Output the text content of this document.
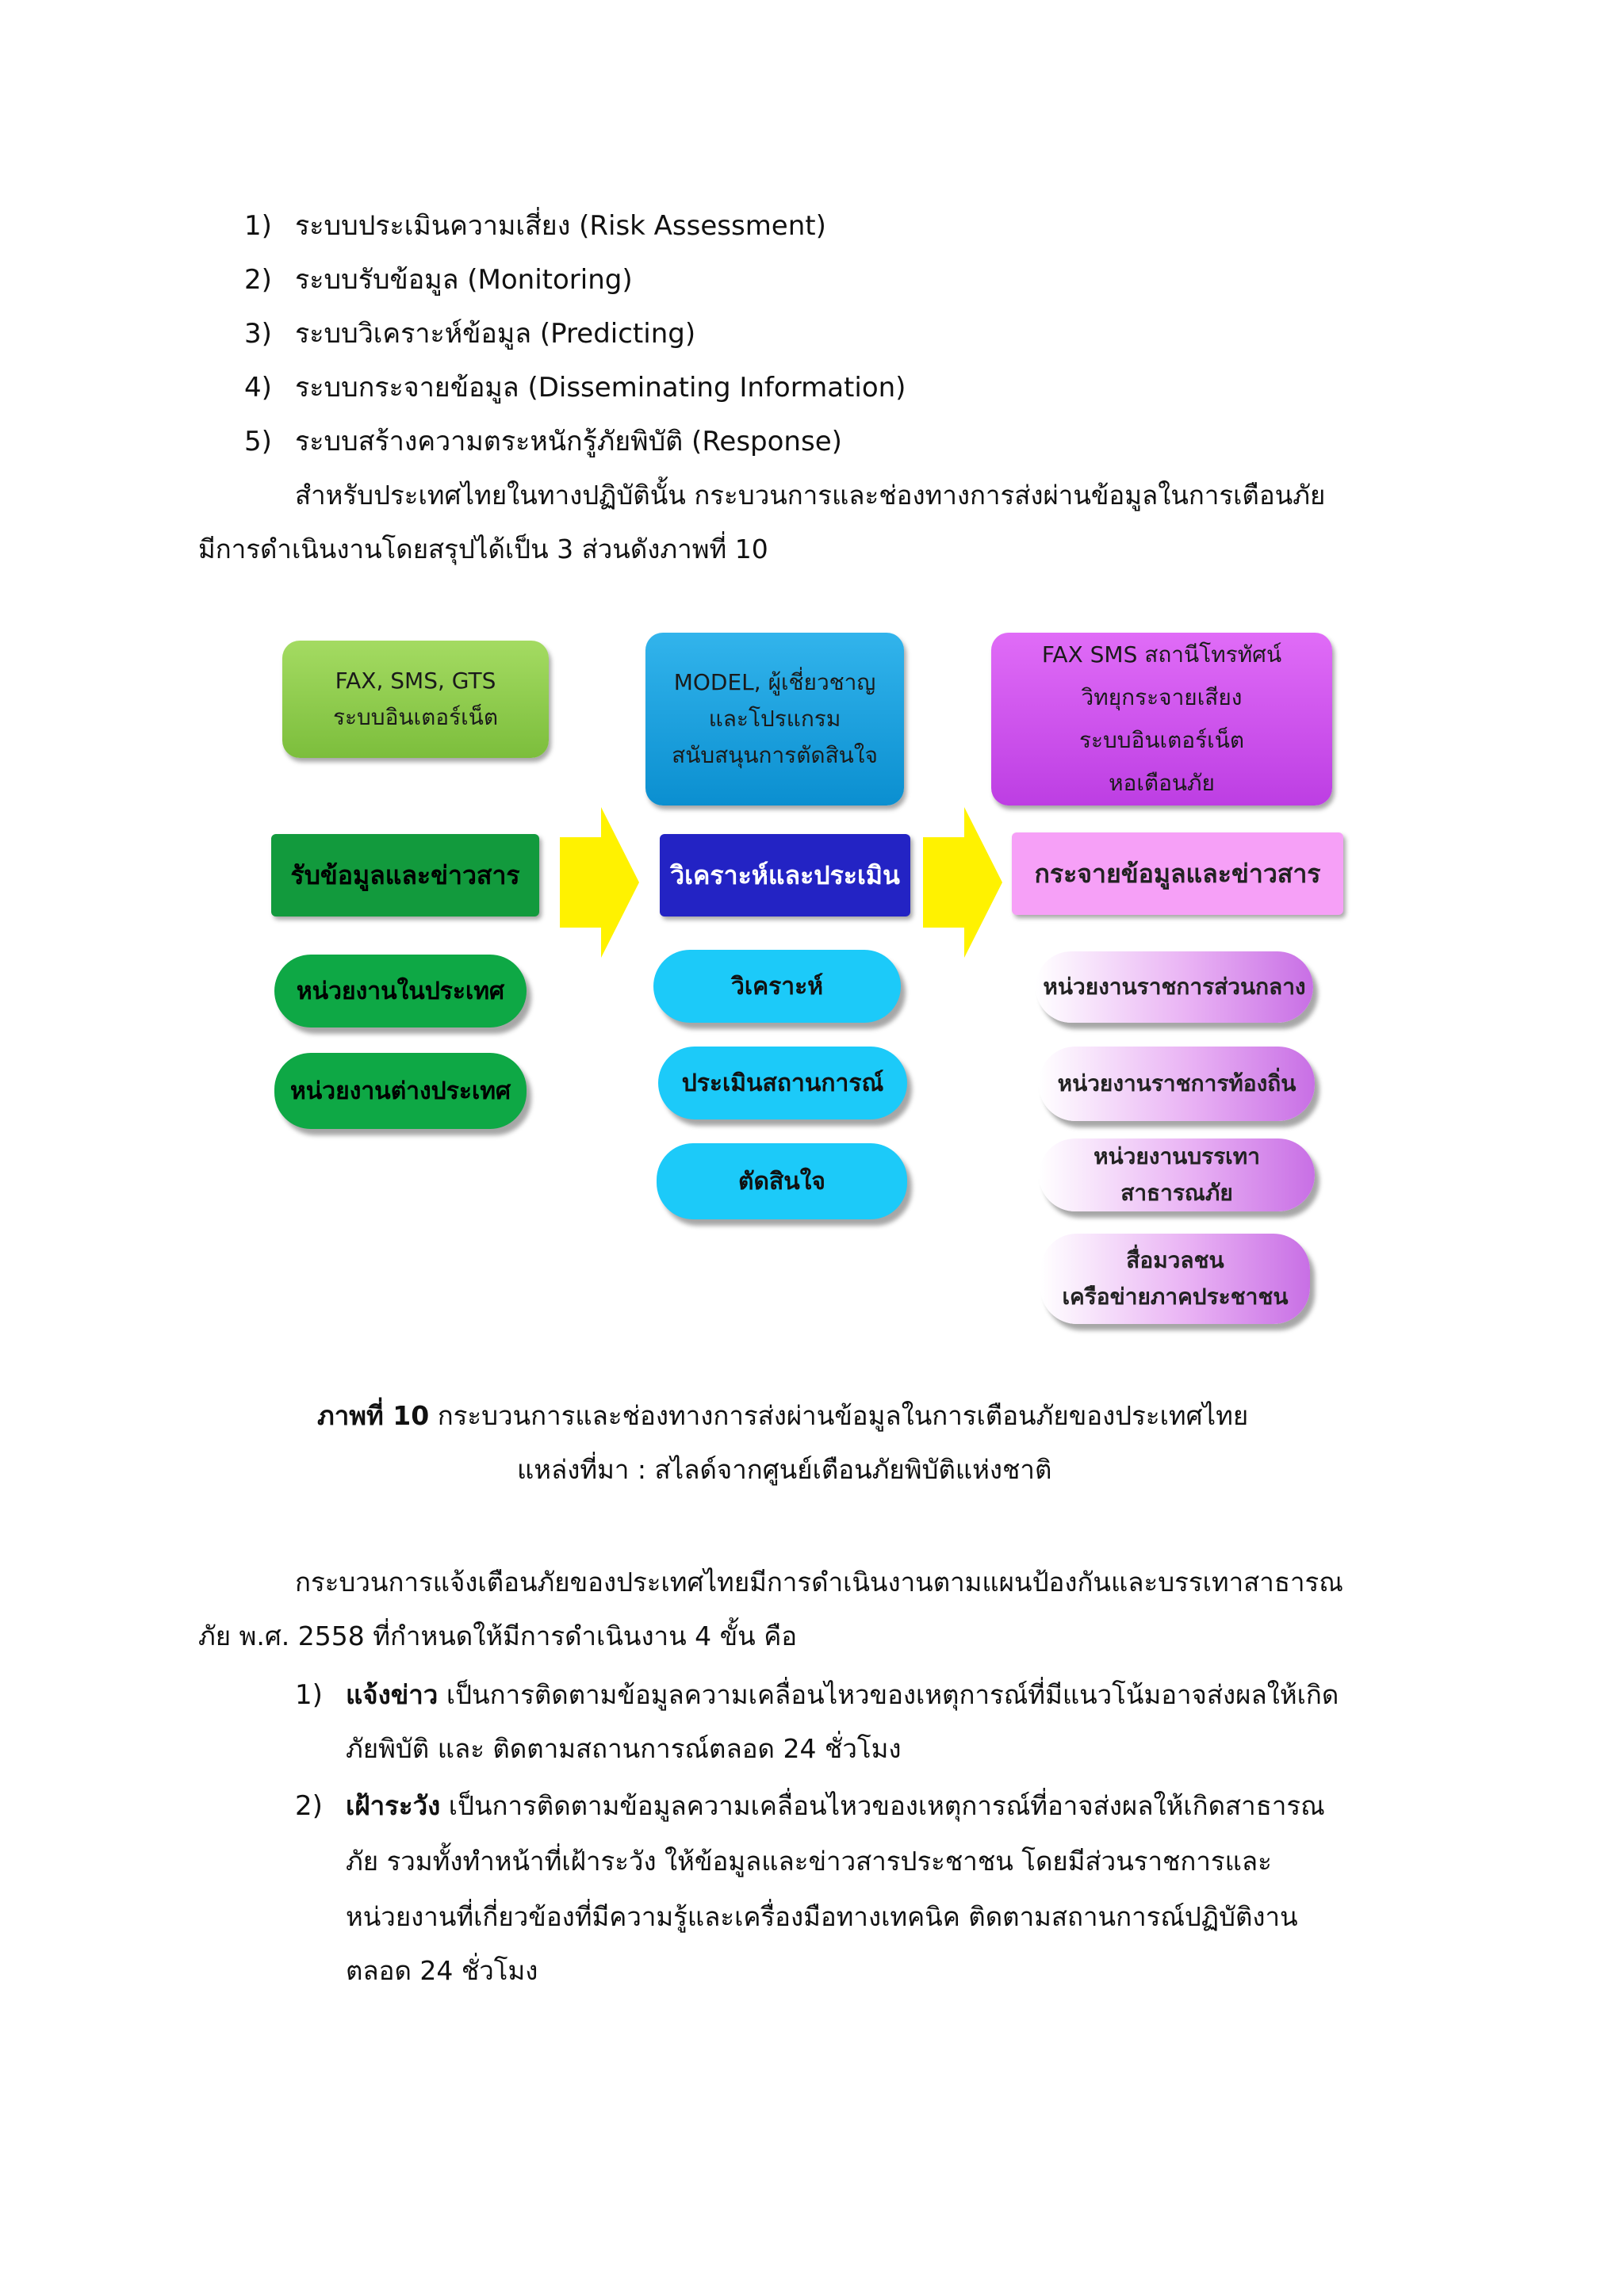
1) ระบบประเมินความเสี่ยง (Risk Assessment)
2) ระบบรับข้อมูล (Monitoring)
3) ระบบวิเคราะห์ข้อมูล (Predicting)
4) ระบบกระจายข้อมูล (Disseminating Information)
5) ระบบสร้างความตระหนักรู้ภัยพิบัติ (Response)
สำหรับประเทศไทยในทางปฏิบัตินั้น กระบวนการและช่องทางการส่งผ่านข้อมูลในการเตือนภัย
มีการดำเนินงานโดยสรุปได้เป็น 3 ส่วนดังภาพที่ 10
FAX, SMS, GTS
ระบบอินเตอร์เน็ต
รับข้อมูลและข่าวสาร
หน่วยงานในประเทศ
หน่วยงานต่างประเทศ
MODEL, ผู้เชี่ยวชาญ
และโปรแกรม
สนับสนุนการตัดสินใจ
วิเคราะห์และประเมิน
วิเคราะห์
ประเมินสถานการณ์
ตัดสินใจ
FAX SMS สถานีโทรทัศน์
วิทยุกระจายเสียง
ระบบอินเตอร์เน็ต
หอเตือนภัย
กระจายข้อมูลและข่าวสาร
หน่วยงานราชการส่วนกลาง
หน่วยงานราชการท้องถิ่น
หน่วยงานบรรเทาสาธารณภัย
สื่อมวลชน
เครือข่ายภาคประชาชน
ภาพที่ 10 กระบวนการและช่องทางการส่งผ่านข้อมูลในการเตือนภัยของประเทศไทย
แหล่งที่มา : สไลด์จากศูนย์เตือนภัยพิบัติแห่งชาติ
กระบวนการแจ้งเตือนภัยของประเทศไทยมีการดำเนินงานตามแผนป้องกันและบรรเทาสาธารณ
ภัย พ.ศ. 2558 ที่กำหนดให้มีการดำเนินงาน 4 ขั้น คือ
1) แจ้งข่าว เป็นการติดตามข้อมูลความเคลื่อนไหวของเหตุการณ์ที่มีแนวโน้มอาจส่งผลให้เกิด
ภัยพิบัติ และ ติดตามสถานการณ์ตลอด 24 ชั่วโมง
2) เฝ้าระวัง เป็นการติดตามข้อมูลความเคลื่อนไหวของเหตุการณ์ที่อาจส่งผลให้เกิดสาธารณ
ภัย รวมทั้งทำหน้าที่เฝ้าระวัง ให้ข้อมูลและข่าวสารประชาชน โดยมีส่วนราชการและ
หน่วยงานที่เกี่ยวข้องที่มีความรู้และเครื่องมือทางเทคนิค ติดตามสถานการณ์ปฏิบัติงาน
ตลอด 24 ชั่วโมง
